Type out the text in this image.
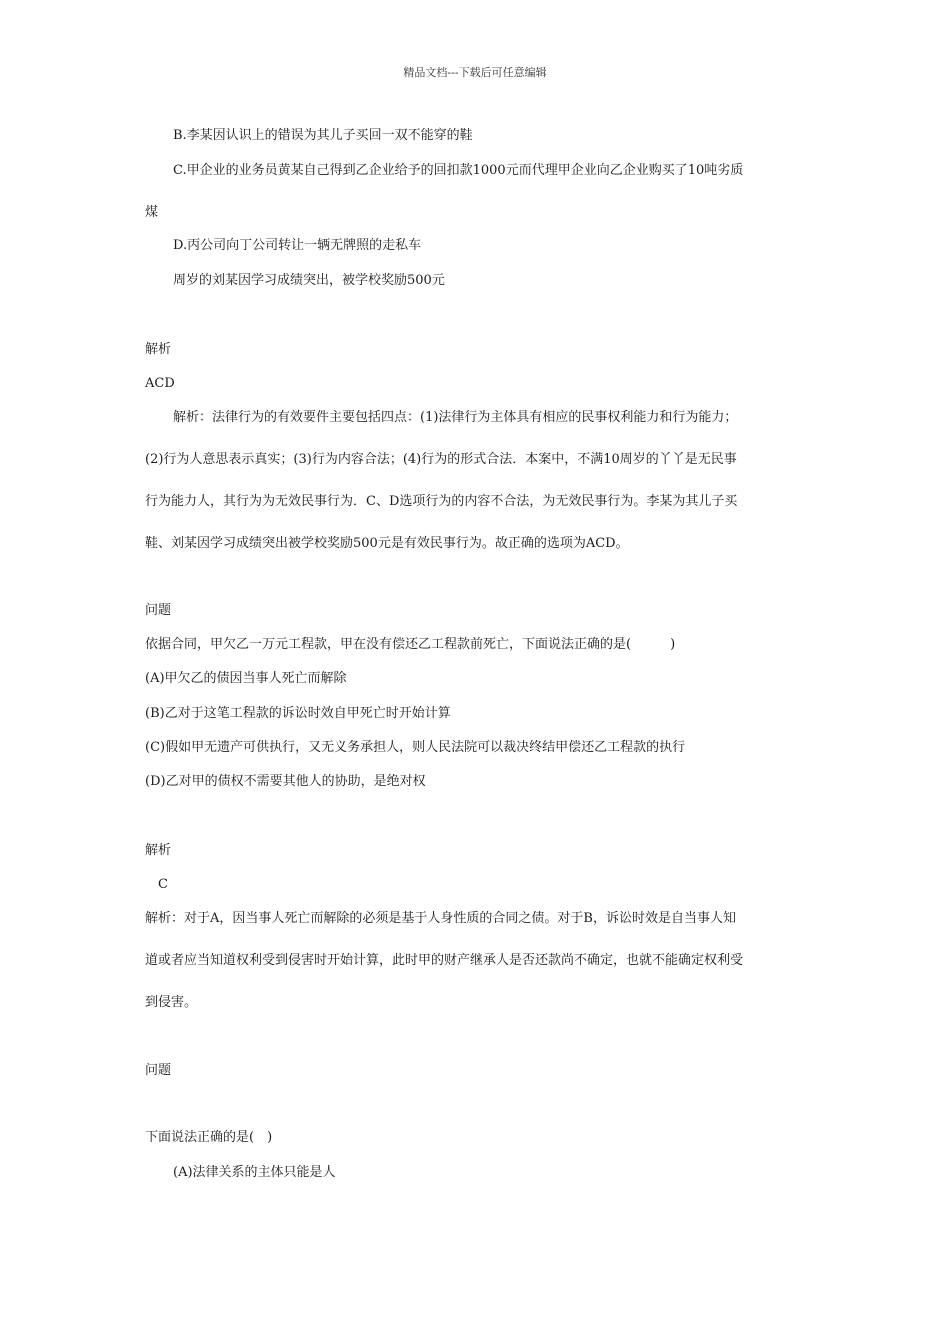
精品文档---下载后可任意编辑
B.李某因认识上的错误为其儿子买回一双不能穿的鞋
C.甲企业的业务员黄某自己得到乙企业给予的回扣款1000元而代理甲企业向乙企业购买了10吨劣质
煤
D.丙公司向丁公司转让一辆无牌照的走私车
周岁的刘某因学习成绩突出，被学校奖励500元
解析
ACD
解析：法律行为的有效要件主要包括四点：(1)法律行为主体具有相应的民事权利能力和行为能力；
(2)行为人意思表示真实；(3)行为内容合法；(4)行为的形式合法．本案中，不满10周岁的丫丫是无民事
行为能力人，其行为为无效民事行为．C、D选项行为的内容不合法，为无效民事行为。李某为其儿子买
鞋、刘某因学习成绩突出被学校奖励500元是有效民事行为。故正确的选项为ACD。
问题
依据合同，甲欠乙一万元工程款，甲在没有偿还乙工程款前死亡，下面说法正确的是(　　　)
(A)甲欠乙的债因当事人死亡而解除
(B)乙对于这笔工程款的诉讼时效自甲死亡时开始计算
(C)假如甲无遗产可供执行，又无义务承担人，则人民法院可以裁决终结甲偿还乙工程款的执行
(D)乙对甲的债权不需要其他人的协助，是绝对权
解析
C
解析：对于A，因当事人死亡而解除的必须是基于人身性质的合同之债。对于B，诉讼时效是自当事人知
道或者应当知道权利受到侵害时开始计算，此时甲的财产继承人是否还款尚不确定，也就不能确定权利受
到侵害。
问题
下面说法正确的是(　)
(A)法律关系的主体只能是人
